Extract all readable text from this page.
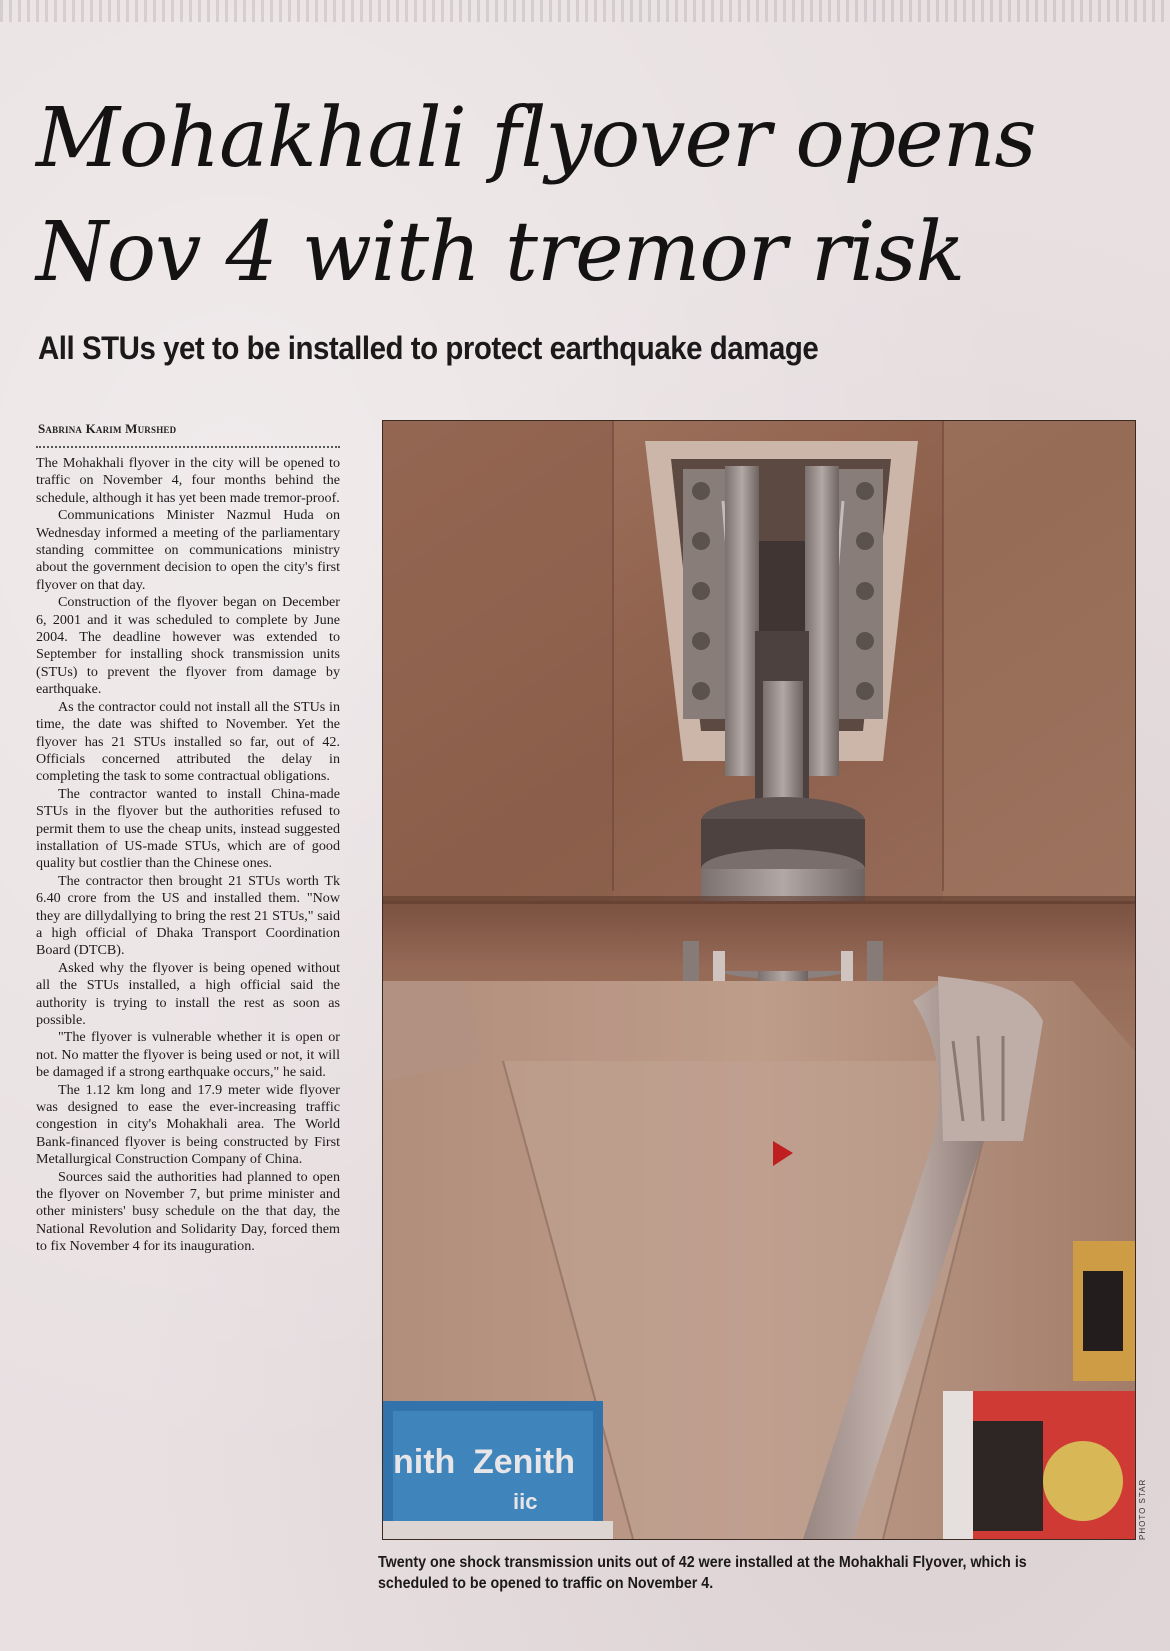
Mohakhali flyover opens
Nov 4 with tremor risk
All STUs yet to be installed to protect earthquake damage
Sabrina Karim Murshed

The Mohakhali flyover in the city will be opened to traffic on November 4, four months behind the schedule, although it has yet been made tremor-proof.

Communications Minister Nazmul Huda on Wednesday informed a meeting of the parliamentary standing committee on communications ministry about the government decision to open the city's first flyover on that day.

Construction of the flyover began on December 6, 2001 and it was scheduled to complete by June 2004. The deadline however was extended to September for installing shock transmission units (STUs) to prevent the flyover from damage by earthquake.

As the contractor could not install all the STUs in time, the date was shifted to November. Yet the flyover has 21 STUs installed so far, out of 42. Officials concerned attributed the delay in completing the task to some contractual obligations.

The contractor wanted to install China-made STUs in the flyover but the authorities refused to permit them to use the cheap units, instead suggested installation of US-made STUs, which are of good quality but costlier than the Chinese ones.

The contractor then brought 21 STUs worth Tk 6.40 crore from the US and installed them. "Now they are dillydallying to bring the rest 21 STUs," said a high official of Dhaka Transport Coordination Board (DTCB).

Asked why the flyover is being opened without all the STUs installed, a high official said the authority is trying to install the rest as soon as possible.

"The flyover is vulnerable whether it is open or not. No matter the flyover is being used or not, it will be damaged if a strong earthquake occurs," he said.

The 1.12 km long and 17.9 meter wide flyover was designed to ease the ever-increasing traffic congestion in city's Mohakhali area. The World Bank-financed flyover is being constructed by First Metallurgical Construction Company of China.

Sources said the authorities had planned to open the flyover on November 7, but prime minister and other ministers' busy schedule on the that day, the National Revolution and Solidarity Day, forced them to fix November 4 for its inauguration.

nith Zenith
iic	PHOTO STAR

Twenty one shock transmission units out of 42 were installed at the Mohakhali Flyover, which is scheduled to be opened to traffic on November 4.
